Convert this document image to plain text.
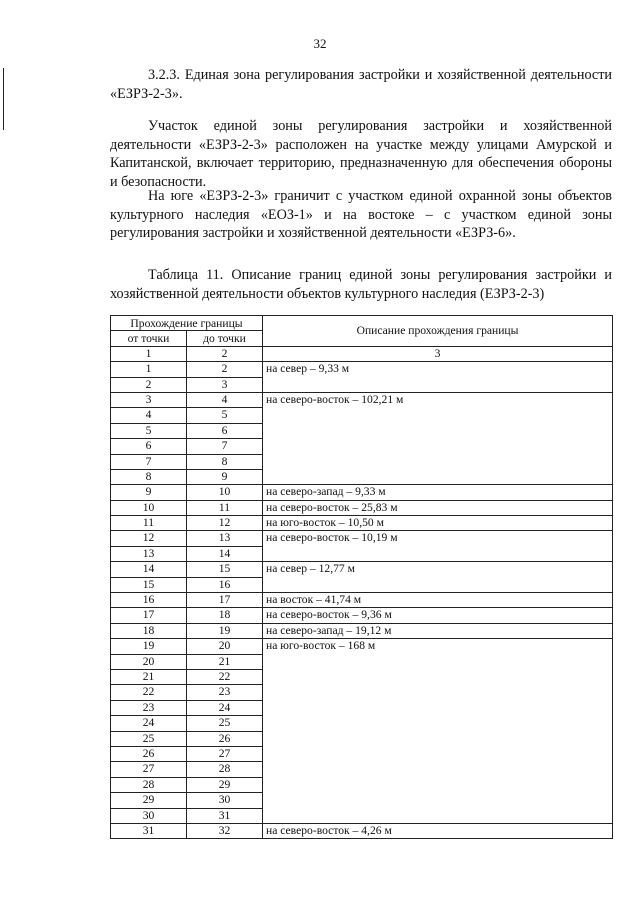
32

3.2.3. Единая зона регулирования застройки и хозяйственной деятельности «ЕЗРЗ-2-3».

Участок единой зоны регулирования застройки и хозяйственной деятельности «ЕЗРЗ-2-3» расположен на участке между улицами Амурской и Капитанской, включает территорию, предназначенную для обеспечения обороны и безопасности.

На юге «ЕЗРЗ-2-3» граничит с участком единой охранной зоны объектов культурного наследия «ЕОЗ-1» и на востоке – с участком единой зоны регулирования застройки и хозяйственной деятельности «ЕЗРЗ-6».

Таблица 11. Описание границ единой зоны регулирования застройки и хозяйственной деятельности объектов культурного наследия (ЕЗРЗ-2-3)

Прохождение границы		Описание прохождения границы
от точки	до точки	
1	2	3
1	2	на север – 9,33 м
2	3	
3	4	на северо-восток – 102,21 м
4	5	
5	6	
6	7	
7	8	
8	9	
9	10	на северо-запад – 9,33 м
10	11	на северо-восток – 25,83 м
11	12	на юго-восток – 10,50 м
12	13	на северо-восток – 10,19 м
13	14	
14	15	на север – 12,77 м
15	16	
16	17	на восток – 41,74 м
17	18	на северо-восток – 9,36 м
18	19	на северо-запад – 19,12 м
19	20	на юго-восток – 168 м
20	21	
21	22	
22	23	
23	24	
24	25	
25	26	
26	27	
27	28	
28	29	
29	30	
30	31	
31	32	на северо-восток – 4,26 м
